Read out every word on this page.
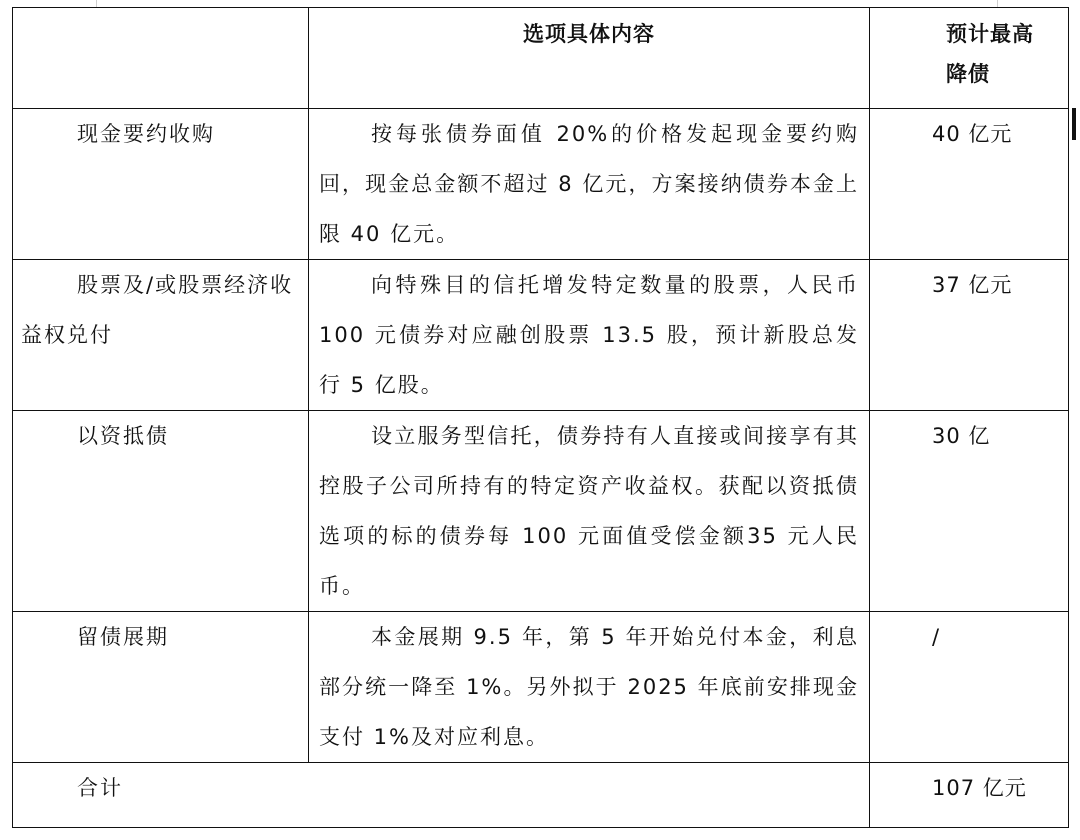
	选项具体内容	预计最高
降债

现金要约收购	按每张债券面值 20%的价格发起现金要约购回，现金总金额不超过 8 亿元，方案接纳债券本金上限 40 亿元。	40 亿元

股票及/或股票经济收益权兑付	向特殊目的信托增发特定数量的股票，人民币 100 元债券对应融创股票 13.5 股，预计新股总发行 5 亿股。	37 亿元

以资抵债	设立服务型信托，债券持有人直接或间接享有其控股子公司所持有的特定资产收益权。获配以资抵债选项的标的债券每 100 元面值受偿金额35 元人民币。	30 亿

留债展期	本金展期 9.5 年，第 5 年开始兑付本金，利息部分统一降至 1%。另外拟于 2025 年底前安排现金支付 1%及对应利息。	/

合计		107 亿元
